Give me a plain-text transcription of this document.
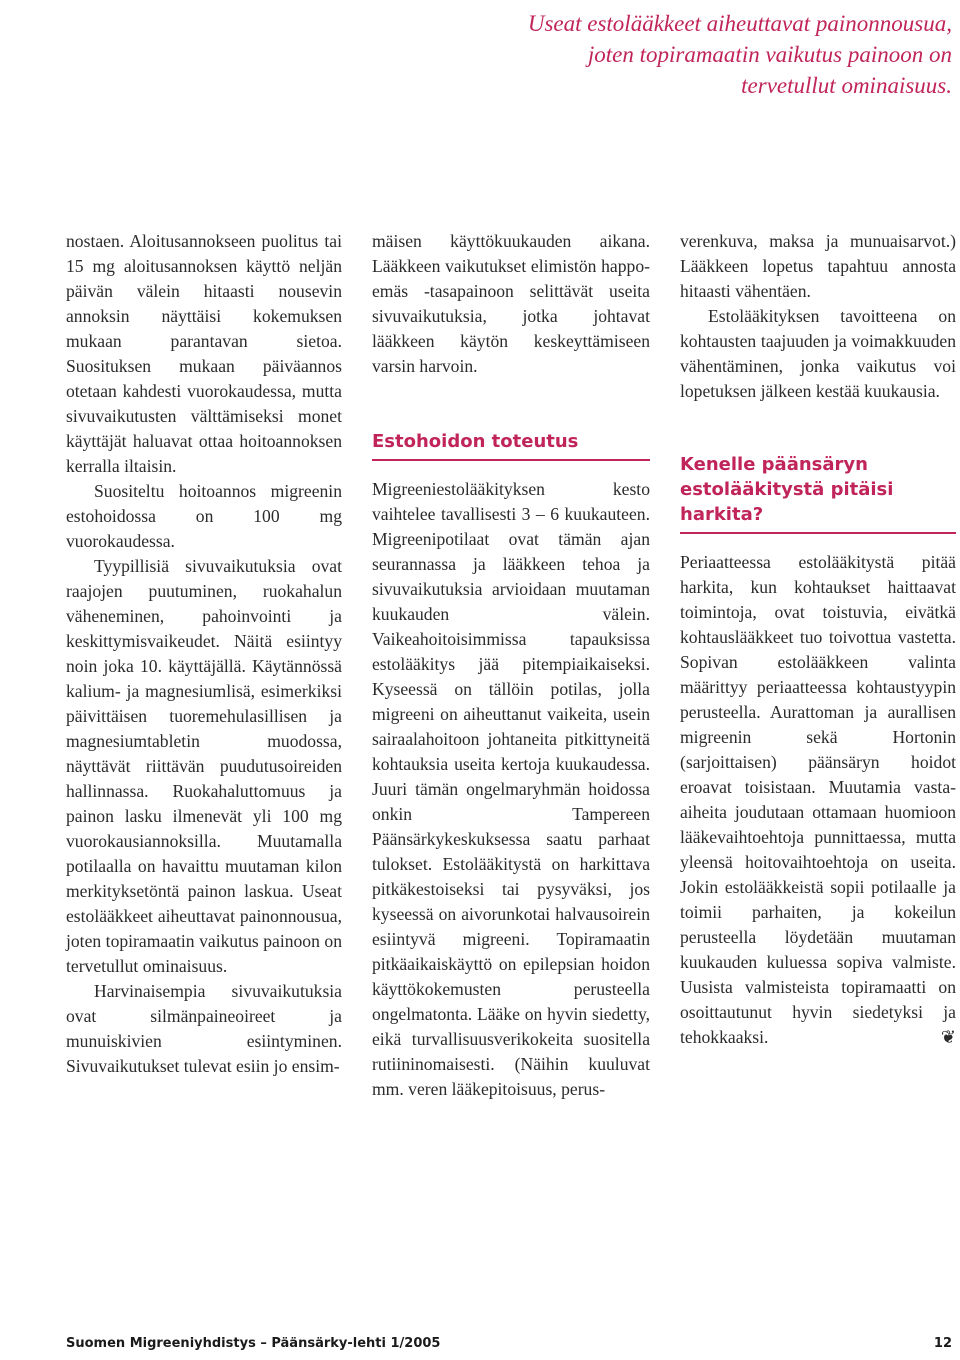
Useat estolääkkeet aiheuttavat painonnousua,
joten topiramaatin vaikutus painoon on
tervetullut ominaisuus.

nostaen. Aloitusannokseen puolitus tai 15 mg aloitusannoksen käyttö neljän päivän välein hitaasti nousevin annoksin näyttäisi kokemuksen mukaan parantavan sietoa. Suosituksen mukaan päiväannos otetaan kahdesti vuorokaudessa, mutta sivuvaikutusten välttämiseksi monet käyttäjät haluavat ottaa hoitoannoksen kerralla iltaisin.

Suositeltu hoitoannos migreenin estohoidossa on 100 mg vuorokaudessa.

Tyypillisiä sivuvaikutuksia ovat raajojen puutuminen, ruokahalun väheneminen, pahoinvointi ja keskittymisvaikeudet. Näitä esiintyy noin joka 10. käyttäjällä. Käytännössä kalium- ja magnesiumlisä, esimerkiksi päivittäisen tuoremehulasillisen ja magnesiumtabletin muodossa, näyttävät riittävän puudutusoireiden hallinnassa. Ruokahaluttomuus ja painon lasku ilmenevät yli 100 mg vuorokausiannoksilla. Muutamalla potilaalla on havaittu muutaman kilon merkityksetöntä painon laskua. Useat estolääkkeet aiheuttavat painonnousua, joten topiramaatin vaikutus painoon on tervetullut ominaisuus.

Harvinaisempia sivuvaikutuksia ovat silmänpaineoireet ja munuiskivien esiintyminen. Sivuvaikutukset tulevat esiin jo ensim-

mäisen käyttökuukauden aikana. Lääkkeen vaikutukset elimistön happo-emäs -tasapainoon selittävät useita sivuvaikutuksia, jotka johtavat lääkkeen käytön keskeyttämiseen varsin harvoin.

Estohoidon toteutus

Migreeniestolääkityksen kesto vaihtelee tavallisesti 3 – 6 kuukauteen. Migreenipotilaat ovat tämän ajan seurannassa ja lääkkeen tehoa ja sivuvaikutuksia arvioidaan muutaman kuukauden välein. Vaikeahoitoisimmissa tapauksissa estolääkitys jää pitempiaikaiseksi. Kyseessä on tällöin potilas, jolla migreeni on aiheuttanut vaikeita, usein sairaalahoitoon johtaneita pitkittyneitä kohtauksia useita kertoja kuukaudessa. Juuri tämän ongelmaryhmän hoidossa onkin Tampereen Päänsärkykeskuksessa saatu parhaat tulokset. Estolääkitystä on harkittava pitkäkestoiseksi tai pysyväksi, jos kyseessä on aivorunkotai halvausoirein esiintyvä migreeni. Topiramaatin pitkäaikaiskäyttö on epilepsian hoidon käyttökokemusten perusteella ongelmatonta. Lääke on hyvin siedetty, eikä turvallisuusverikokeita suositella rutiininomaisesti. (Näihin kuuluvat mm. veren lääkepitoisuus, perus-

verenkuva, maksa ja munuaisarvot.) Lääkkeen lopetus tapahtuu annosta hitaasti vähentäen.

Estolääkityksen tavoitteena on kohtausten taajuuden ja voimakkuuden vähentäminen, jonka vaikutus voi lopetuksen jälkeen kestää kuukausia.

Kenelle päänsäryn estolääkitystä pitäisi harkita?

Periaatteessa estolääkitystä pitää harkita, kun kohtaukset haittaavat toimintoja, ovat toistuvia, eivätkä kohtauslääkkeet tuo toivottua vastetta. Sopivan estolääkkeen valinta määrittyy periaatteessa kohtaustyypin perusteella. Aurattoman ja aurallisen migreenin sekä Hortonin (sarjoittaisen) päänsäryn hoidot eroavat toisistaan. Muutamia vasta-aiheita joudutaan ottamaan huomioon lääkevaihtoehtoja punnittaessa, mutta yleensä hoitovaihtoehtoja on useita. Jokin estolääkkeistä sopii potilaalle ja toimii parhaiten, ja kokeilun perusteella löydetään muutaman kuukauden kuluessa sopiva valmiste. Uusista valmisteista topiramaatti on osoittautunut hyvin siedetyksi ja tehokkaaksi.	❦

Suomen Migreeniyhdistys – Päänsärky-lehti 1/2005	12
